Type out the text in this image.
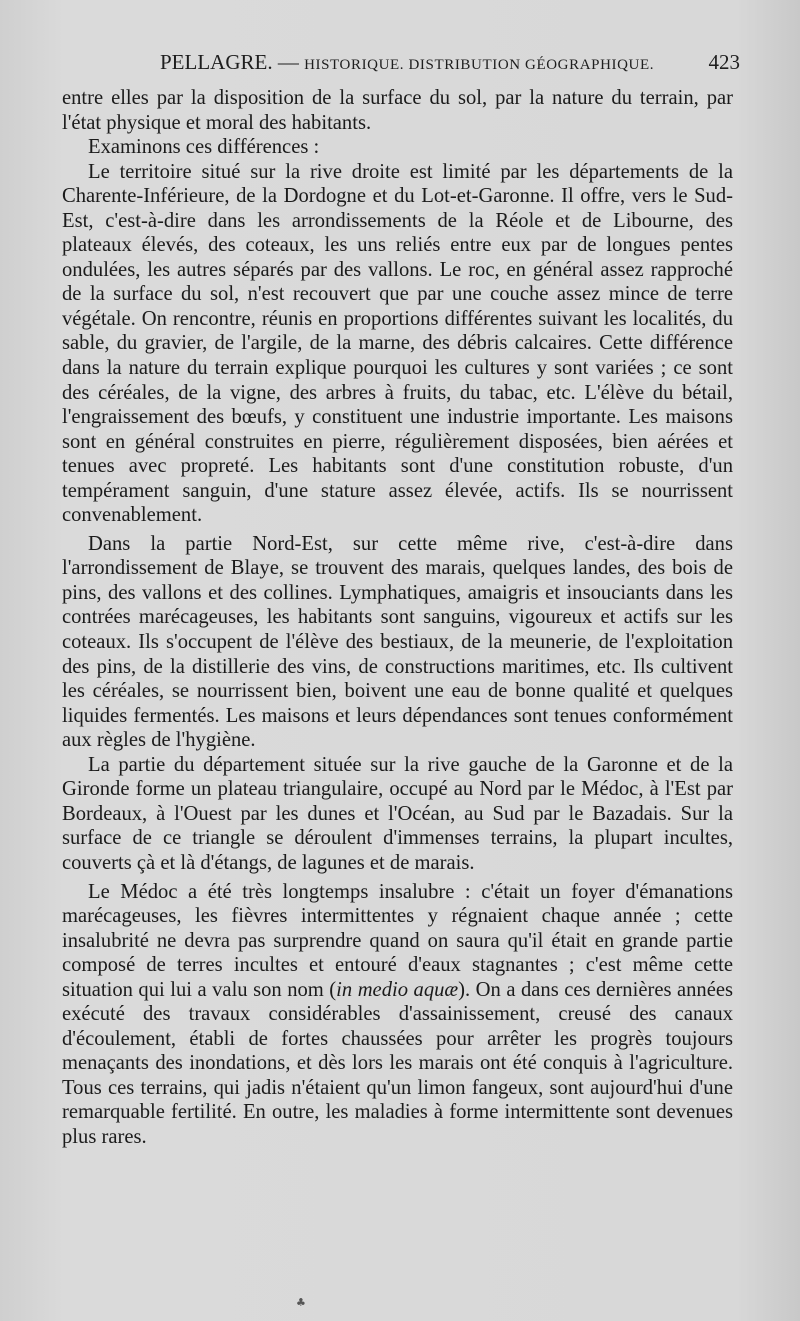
PELLAGRE. — HISTORIQUE. DISTRIBUTION GÉOGRAPHIQUE.	423

entre elles par la disposition de la surface du sol, par la nature du terrain, par l'état physique et moral des habitants.

Examinons ces différences :

Le territoire situé sur la rive droite est limité par les départements de la Charente-Inférieure, de la Dordogne et du Lot-et-Garonne. Il offre, vers le Sud-Est, c'est-à-dire dans les arrondissements de la Réole et de Libourne, des plateaux élevés, des coteaux, les uns reliés entre eux par de longues pentes ondulées, les autres séparés par des vallons. Le roc, en général assez rapproché de la surface du sol, n'est recouvert que par une couche assez mince de terre végétale. On rencontre, réunis en proportions différentes suivant les localités, du sable, du gravier, de l'argile, de la marne, des débris calcaires. Cette différence dans la nature du terrain explique pourquoi les cultures y sont variées ; ce sont des céréales, de la vigne, des arbres à fruits, du tabac, etc. L'élève du bétail, l'engraissement des bœufs, y constituent une industrie importante. Les maisons sont en général construites en pierre, régulièrement disposées, bien aérées et tenues avec propreté. Les habitants sont d'une constitution robuste, d'un tempérament sanguin, d'une stature assez élevée, actifs. Ils se nourrissent convenablement.

Dans la partie Nord-Est, sur cette même rive, c'est-à-dire dans l'arrondissement de Blaye, se trouvent des marais, quelques landes, des bois de pins, des vallons et des collines. Lymphatiques, amaigris et insouciants dans les contrées marécageuses, les habitants sont sanguins, vigoureux et actifs sur les coteaux. Ils s'occupent de l'élève des bestiaux, de la meunerie, de l'exploitation des pins, de la distillerie des vins, de constructions maritimes, etc. Ils cultivent les céréales, se nourrissent bien, boivent une eau de bonne qualité et quelques liquides fermentés. Les maisons et leurs dépendances sont tenues conformément aux règles de l'hygiène.

La partie du département située sur la rive gauche de la Garonne et de la Gironde forme un plateau triangulaire, occupé au Nord par le Médoc, à l'Est par Bordeaux, à l'Ouest par les dunes et l'Océan, au Sud par le Bazadais. Sur la surface de ce triangle se déroulent d'immenses terrains, la plupart incultes, couverts çà et là d'étangs, de lagunes et de marais.

Le Médoc a été très longtemps insalubre : c'était un foyer d'émanations marécageuses, les fièvres intermittentes y régnaient chaque année ; cette insalubrité ne devra pas surprendre quand on saura qu'il était en grande partie composé de terres incultes et entouré d'eaux stagnantes ; c'est même cette situation qui lui a valu son nom (in medio aquæ). On a dans ces dernières années exécuté des travaux considérables d'assainissement, creusé des canaux d'écoulement, établi de fortes chaussées pour arrêter les progrès toujours menaçants des inondations, et dès lors les marais ont été conquis à l'agriculture. Tous ces terrains, qui jadis n'étaient qu'un limon fangeux, sont aujourd'hui d'une remarquable fertilité. En outre, les maladies à forme intermittente sont devenues plus rares.

♣
